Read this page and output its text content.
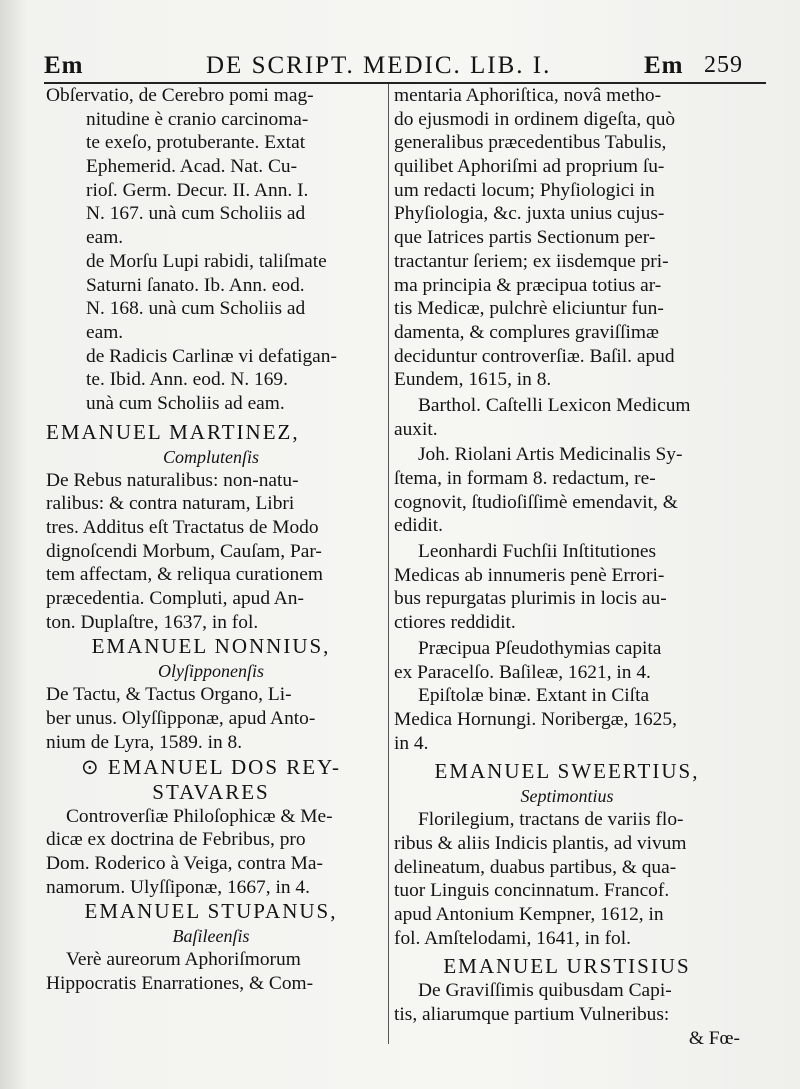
Em	DE SCRIPT. MEDIC. LIB. I.	Em 259
Obſervatio, de Cerebro pomi mag-
nitudine è cranio carcinoma-
te exeſo, protuberante. Extat
Ephemerid. Acad. Nat. Cu-
rioſ. Germ. Decur. II. Ann. I.
N. 167. unà cum Scholiis ad
eam.
de Morſu Lupi rabidi, taliſmate
Saturni ſanato. Ib. Ann. eod.
N. 168. unà cum Scholiis ad
eam.
de Radicis Carlinæ vi defatigan-
te. Ibid. Ann. eod. N. 169.
unà cum Scholiis ad eam.
EMANUEL MARTINEZ,
Complutenſis
De Rebus naturalibus: non-natu-
ralibus: & contra naturam, Libri
tres. Additus eſt Tractatus de Modo
dignoſcendi Morbum, Cauſam, Par-
tem affectam, & reliqua curationem
præcedentia. Compluti, apud An-
ton. Duplaſtre, 1637, in fol.
EMANUEL NONNIUS,
Olyſipponenſis
De Tactu, & Tactus Organo, Li-
ber unus. Olyſſipponæ, apud Anto-
nium de Lyra, 1589. in 8.
⊙ EMANUEL DOS REY-
STAVARES
Controverſiæ Philoſophicæ & Me-
dicæ ex doctrina de Febribus, pro
Dom. Roderico à Veiga, contra Ma-
namorum. Ulyſſiponæ, 1667, in 4.
EMANUEL STUPANUS,
Baſileenſis
Verè aureorum Aphoriſmorum
Hippocratis Enarrationes, & Com-
mentaria Aphoriſtica, novâ metho-
do ejusmodi in ordinem digeſta, quò
generalibus præcedentibus Tabulis,
quilibet Aphoriſmi ad proprium ſu-
um redacti locum; Phyſiologici in
Phyſiologia, &c. juxta unius cujus-
que Iatrices partis Sectionum per-
tractantur ſeriem; ex iisdemque pri-
ma principia & præcipua totius ar-
tis Medicæ, pulchrè eliciuntur fun-
damenta, & complures graviſſimæ
deciduntur controverſiæ. Baſil. apud
Eundem, 1615, in 8.
Barthol. Caſtelli Lexicon Medicum
auxit.
Joh. Riolani Artis Medicinalis Sy-
ſtema, in formam 8. redactum, re-
cognovit, ſtudioſiſſimè emendavit, &
edidit.
Leonhardi Fuchſii Inſtitutiones
Medicas ab innumeris penè Errori-
bus repurgatas plurimis in locis au-
ctiores reddidit.
Præcipua Pſeudothymias capita
ex Paracelſo. Baſileæ, 1621, in 4.
Epiſtolæ binæ. Extant in Ciſta
Medica Hornungi. Noribergæ, 1625,
in 4.
EMANUEL SWEERTIUS,
Septimontius
Florilegium, tractans de variis flo-
ribus & aliis Indicis plantis, ad vivum
delineatum, duabus partibus, & qua-
tuor Linguis concinnatum. Francof.
apud Antonium Kempner, 1612, in
fol. Amſtelodami, 1641, in fol.
EMANUEL URSTISIUS
De Graviſſimis quibusdam Capi-
tis, aliarumque partium Vulneribus:
& Fœ-
